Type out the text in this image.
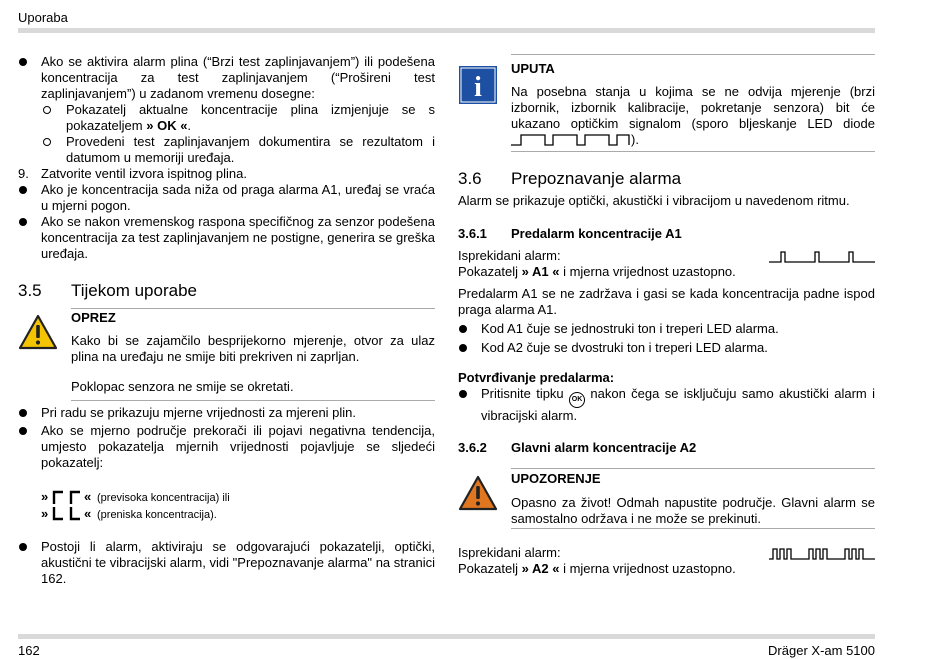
Uporaba
Ako se aktivira alarm plina (“Brzi test zaplinjavanjem”) ili podešena koncentracija za test zaplinjavanjem (“Prošireni test zaplinjavanjem”) u zadanom vremenu dosegne:
Pokazatelj aktualne koncentracije plina izmjenjuje se s pokazateljem » OK «.
Provedeni test zaplinjavanjem dokumentira se rezultatom i datumom u memoriji uređaja.
9. Zatvorite ventil izvora ispitnog plina.
Ako je koncentracija sada niža od praga alarma A1, uređaj se vraća u mjerni pogon.
Ako se nakon vremenskog raspona specifičnog za senzor podešena koncentracija za test zaplinjavanjem ne postigne, generira se greška uređaja.
3.5 Tijekom uporabe
OPREZ
Kako bi se zajamčilo besprijekorno mjerenje, otvor za ulaz plina na uređaju ne smije biti prekriven ni zaprljan.
Poklopac senzora ne smije se okretati.
Pri radu se prikazuju mjerne vrijednosti za mjereni plin.
Ako se mjerno područje prekorači ili pojavi negativna tendencija, umjesto pokazatelja mjernih vrijednosti pojavljuje se sljedeći pokazatelj:
»	« (previsoka koncentracija) ili
»	« (preniska koncentracija).
Postoji li alarm, aktiviraju se odgovarajući pokazatelji, optički, akustični te vibracijski alarm, vidi "Prepoznavanje alarma" na stranici 162.
i
UPUTA
Na posebna stanja u kojima se ne odvija mjerenje (brzi izbornik, izbornik kalibracije, pokretanje senzora) bit će ukazano optičkim signalom (sporo bljeskanje LED diode
).
3.6 Prepoznavanje alarma
Alarm se prikazuje optički, akustički i vibracijom u navedenom ritmu.
3.6.1 Predalarm koncentracije A1
Isprekidani alarm:
Pokazatelj » A1 « i mjerna vrijednost uzastopno.
Predalarm A1 se ne zadržava i gasi se kada koncentracija padne ispod praga alarma A1.
Kod A1 čuje se jednostruki ton i treperi LED alarma.
Kod A2 čuje se dvostruki ton i treperi LED alarma.
Potvrđivanje predalarma:
Pritisnite tipku OK nakon čega se isključuju samo akustički alarm i vibracijski alarm.
3.6.2 Glavni alarm koncentracije A2
UPOZORENJE
Opasno za život! Odmah napustite područje. Glavni alarm se samostalno održava i ne može se prekinuti.
Isprekidani alarm:
Pokazatelj » A2 « i mjerna vrijednost uzastopno.
162	Dräger X-am 5100
